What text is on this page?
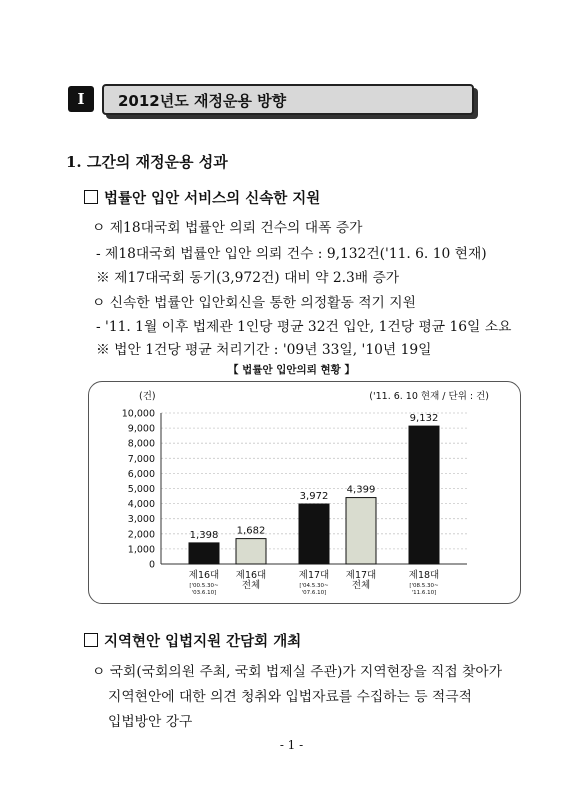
I	2012년도 재정운용 방향
1. 그간의 재정운용 성과
법률안 입안 서비스의 신속한 지원
ㅇ 제18대국회 법률안 의뢰 건수의 대폭 증가
- 제18대국회 법률안 입안 의뢰 건수 : 9,132건('11. 6. 10 현재)
※ 제17대국회 동기(3,972건) 대비 약 2.3배 증가
ㅇ 신속한 법률안 입안회신을 통한 의정활동 적기 지원
- '11. 1월 이후 법제관 1인당 평균 32건 입안, 1건당 평균 16일 소요
※ 법안 1건당 평균 처리기간 : '09년 33일, '10년 19일
【 법률안 입안의뢰 현황 】
(건)	('11. 6. 10 현재 / 단위 : 건)
0
1,000
2,000
3,000
4,000
5,000
6,000
7,000
8,000
9,000
10,000
1,398
제16대
['00.5.30~
'03.6.10]
1,682
제16대
전체
3,972
제17대
['04.5.30~
'07.6.10]
4,399
제17대
전체
9,132
제18대
['08.5.30~
'11.6.10]
지역현안 입법지원 간담회 개최
ㅇ 국회(국회의원 주최, 국회 법제실 주관)가 지역현장을 직접 찾아가
지역현안에 대한 의견 청취와 입법자료를 수집하는 등 적극적
입법방안 강구
- 1 -
